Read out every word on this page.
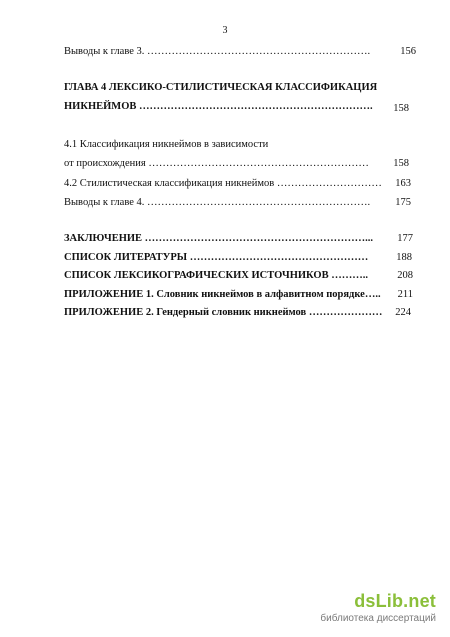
3
Выводы к главе 3. ……………………………………………………….	156
ГЛАВА 4 ЛЕКСИКО-СТИЛИСТИЧЕСКАЯ КЛАССИФИКАЦИЯ
НИКНЕЙМОВ ………………………………………………………….	158
4.1 Классификация никнеймов в зависимости
от происхождения ………………………………………………………	158
4.2 Стилистическая классификация никнеймов …………………………	163
Выводы к главе 4. ……………………………………………………….	175
ЗАКЛЮЧЕНИЕ ………………………………………………………...	177
СПИСОК ЛИТЕРАТУРЫ ……………………………………………	188
СПИСОК ЛЕКСИКОГРАФИЧЕСКИХ ИСТОЧНИКОВ ………..	208
ПРИЛОЖЕНИЕ 1. Словник никнеймов в алфавитном порядке…..	211
ПРИЛОЖЕНИЕ 2. Гендерный словник никнеймов …………………	224
dsLib.net
библиотека диссертаций
